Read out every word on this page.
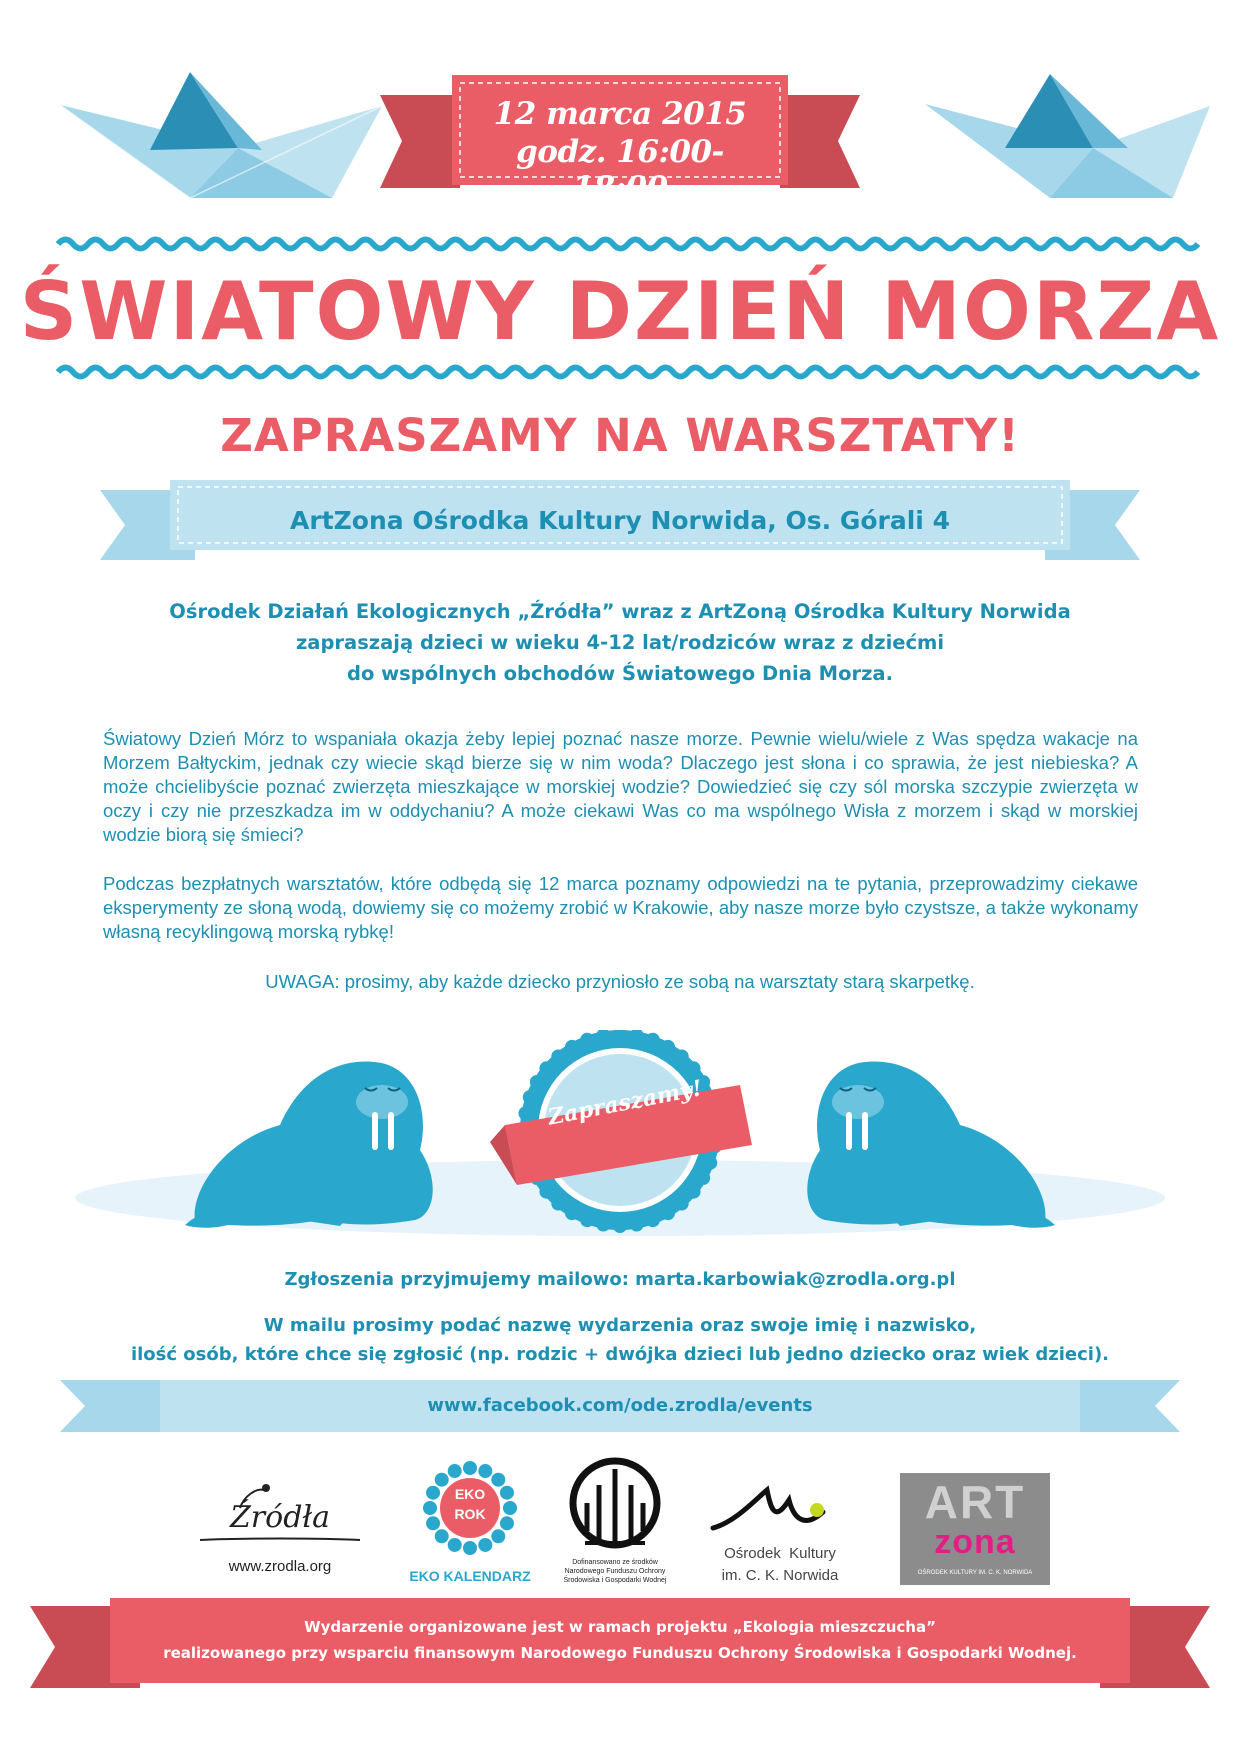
12 marca 2015
godz. 16:00-18:00
ŚWIATOWY DZIEŃ MORZA
ZAPRASZAMY NA WARSZTATY!
ArtZona Ośrodka Kultury Norwida, Os. Górali 4
Ośrodek Działań Ekologicznych „Źródła” wraz z ArtZoną Ośrodka Kultury Norwida
zapraszają dzieci w wieku 4-12 lat/rodziców wraz z dziećmi
do wspólnych obchodów Światowego Dnia Morza.

Światowy Dzień Mórz to wspaniała okazja żeby lepiej poznać nasze morze. Pewnie wielu/wiele z Was spędza wakacje na Morzem Bałtyckim, jednak czy wiecie skąd bierze się w nim woda? Dlaczego jest słona i co sprawia, że jest niebieska? A może chcielibyście poznać zwierzęta mieszkające w morskiej wodzie? Dowiedzieć się czy sól morska szczypie zwierzęta w oczy i czy nie przeszkadza im w oddychaniu? A może ciekawi Was co ma wspólnego Wisła z morzem i skąd w morskiej wodzie biorą się śmieci?

Podczas bezpłatnych warsztatów, które odbędą się 12 marca poznamy odpowiedzi na te pytania, przeprowadzimy ciekawe eksperymenty ze słoną wodą, dowiemy się co możemy zrobić w Krakowie, aby nasze morze było czystsze, a także wykonamy własną recyklingową morską rybkę!

UWAGA: prosimy, aby każde dziecko przyniosło ze sobą na warsztaty starą skarpetkę.

Zapraszamy!

Zgłoszenia przyjmujemy mailowo: marta.karbowiak@zrodla.org.pl

W mailu prosimy podać nazwę wydarzenia oraz swoje imię i nazwisko,
ilość osób, które chce się zgłosić (np. rodzic + dwójka dzieci lub jedno dziecko oraz wiek dzieci).
www.facebook.com/ode.zrodla/events
Źródła
www.zrodla.org
EKO
ROK
EKO KALENDARZ
Dofinansowano ze środków
Narodowego Funduszu Ochrony
Środowiska i Gospodarki Wodnej
Ośrodek  Kultury
im. C. K. Norwida
ART
zona
OŚRODEK KULTURY IM. C. K. NORWIDA
Wydarzenie organizowane jest w ramach projektu „Ekologia mieszczucha”
realizowanego przy wsparciu finansowym Narodowego Funduszu Ochrony Środowiska i Gospodarki Wodnej.
